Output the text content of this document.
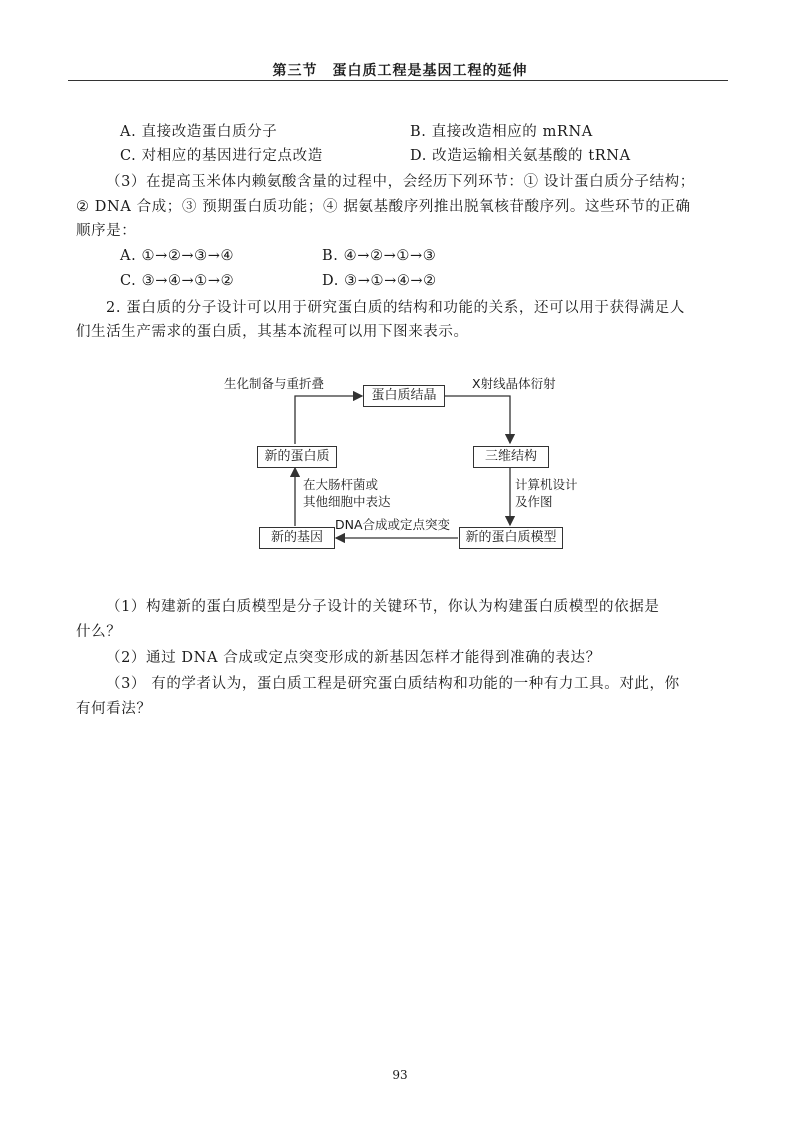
第三节　蛋白质工程是基因工程的延伸
A. 直接改造蛋白质分子	B. 直接改造相应的 mRNA
C. 对相应的基因进行定点改造	D. 改造运输相关氨基酸的 tRNA
（3）在提高玉米体内赖氨酸含量的过程中，会经历下列环节：① 设计蛋白质分子结构；
② DNA 合成；③ 预期蛋白质功能；④ 据氨基酸序列推出脱氧核苷酸序列。这些环节的正确
顺序是：
A. ①→②→③→④	B. ④→②→①→③
C. ③→④→①→②	D. ③→①→④→②
2. 蛋白质的分子设计可以用于研究蛋白质的结构和功能的关系，还可以用于获得满足人
们生活生产需求的蛋白质，其基本流程可以用下图来表示。
蛋白质结晶
新的蛋白质	三维结构
新的基因	新的蛋白质模型
生化制备与重折叠	X射线晶体衍射
在大肠杆菌或
其他细胞中表达
计算机设计
及作图
DNA合成或定点突变
（1）构建新的蛋白质模型是分子设计的关键环节，你认为构建蛋白质模型的依据是
什么？
（2）通过 DNA 合成或定点突变形成的新基因怎样才能得到准确的表达？
（3） 有的学者认为，蛋白质工程是研究蛋白质结构和功能的一种有力工具。对此，你
有何看法？
93
